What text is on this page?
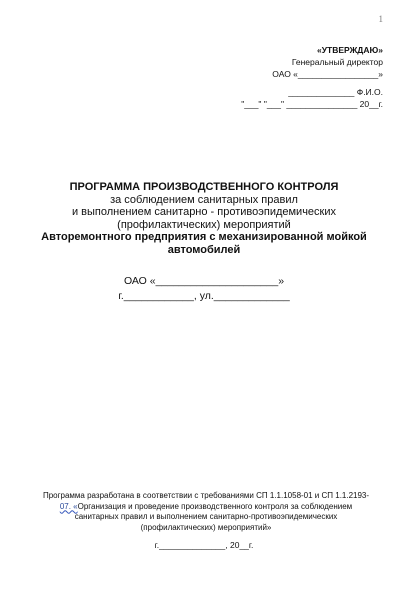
1
«УТВЕРЖДАЮ»
Генеральный директор
ОАО «_________________»
______________ Ф.И.О.
"___" "___" _______________ 20__г.
ПРОГРАММА ПРОИЗВОДСТВЕННОГО КОНТРОЛЯ
за соблюдением санитарных правил
и выполнением санитарно - противоэпидемических
(профилактических) мероприятий
Авторемонтного предприятия с механизированной мойкой
автомобилей
ОАО «_____________________»
г.____________, ул._____________
Программа разработана в соответствии с требованиями СП 1.1.1058-01 и СП 1.1.2193-
07. «Организация и проведение производственного контроля за соблюдением
санитарных правил и выполнением санитарно-противоэпидемических
(профилактических) мероприятий»
г.______________, 20__г.
